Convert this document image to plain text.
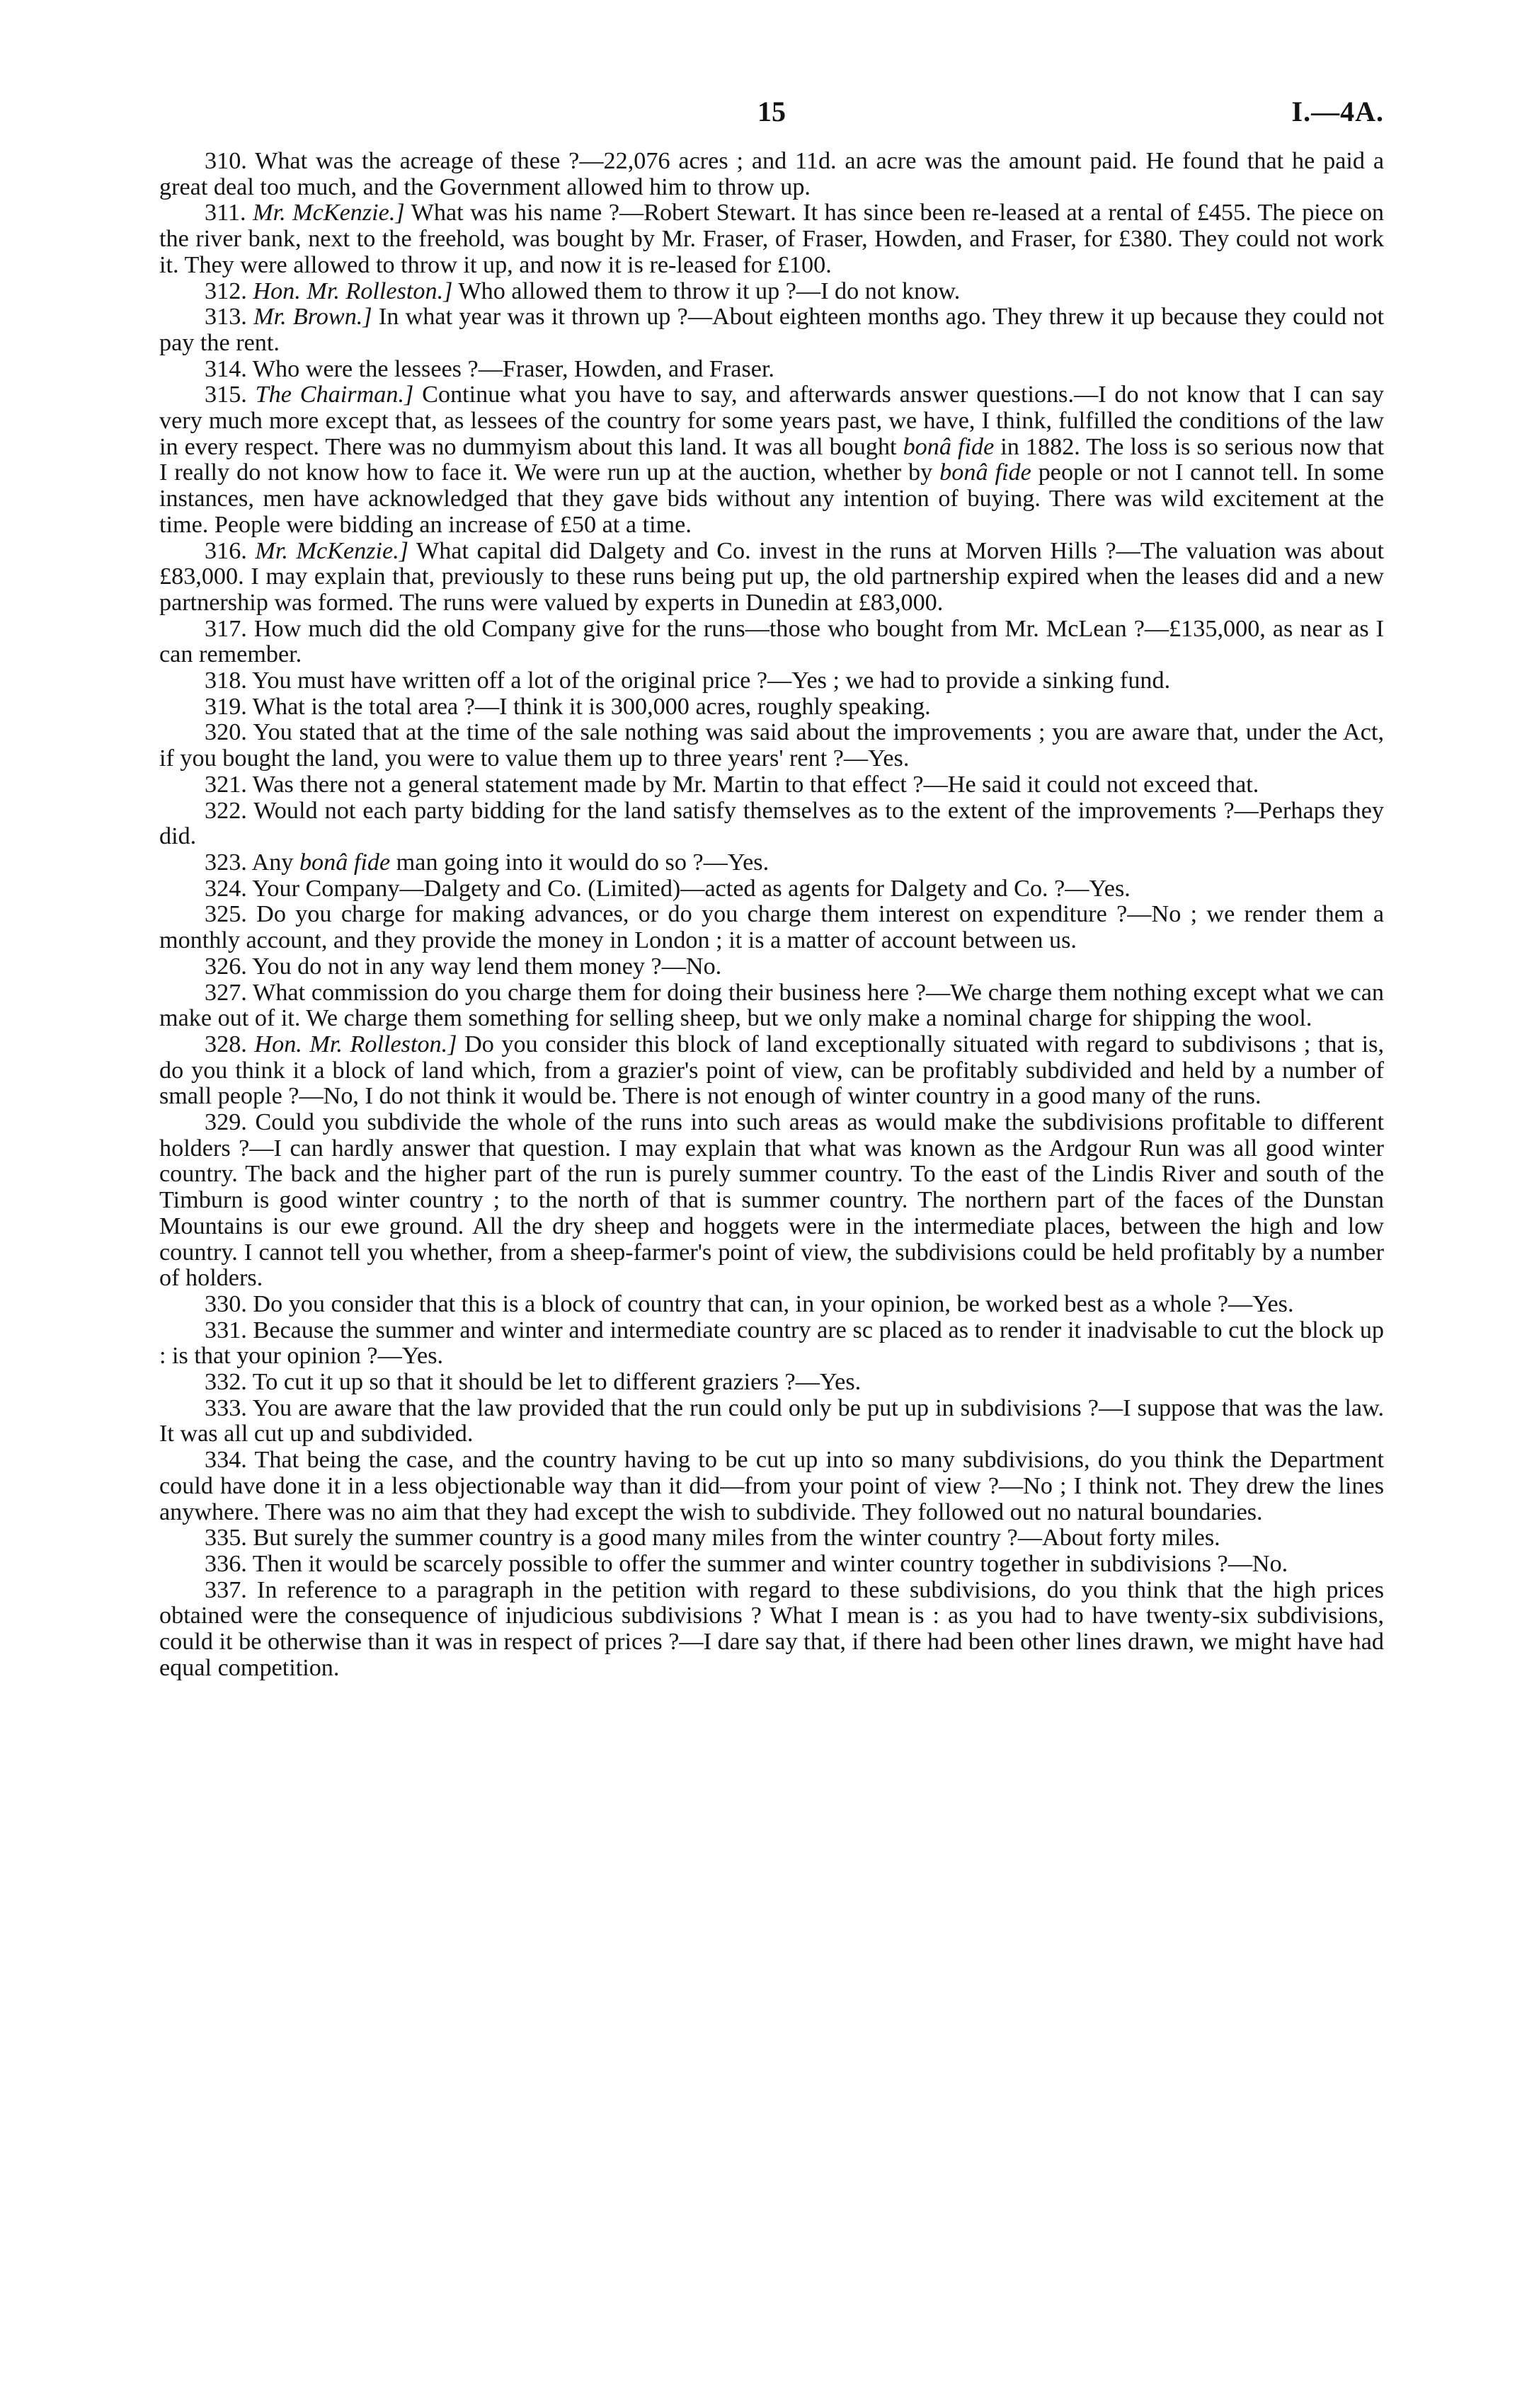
15	I.—4A.

310. What was the acreage of these ?—22,076 acres ; and 11d. an acre was the amount paid. He found that he paid a great deal too much, and the Government allowed him to throw up.

311. Mr. McKenzie.] What was his name ?—Robert Stewart. It has since been re-leased at a rental of £455. The piece on the river bank, next to the freehold, was bought by Mr. Fraser, of Fraser, Howden, and Fraser, for £380. They could not work it. They were allowed to throw it up, and now it is re-leased for £100.

312. Hon. Mr. Rolleston.] Who allowed them to throw it up ?—I do not know.

313. Mr. Brown.] In what year was it thrown up ?—About eighteen months ago. They threw it up because they could not pay the rent.

314. Who were the lessees ?—Fraser, Howden, and Fraser.

315. The Chairman.] Continue what you have to say, and afterwards answer questions.—I do not know that I can say very much more except that, as lessees of the country for some years past, we have, I think, fulfilled the conditions of the law in every respect. There was no dummyism about this land. It was all bought bonâ fide in 1882. The loss is so serious now that I really do not know how to face it. We were run up at the auction, whether by bonâ fide people or not I cannot tell. In some instances, men have acknowledged that they gave bids without any intention of buying. There was wild excitement at the time. People were bidding an increase of £50 at a time.

316. Mr. McKenzie.] What capital did Dalgety and Co. invest in the runs at Morven Hills ?—The valuation was about £83,000. I may explain that, previously to these runs being put up, the old partnership expired when the leases did and a new partnership was formed. The runs were valued by experts in Dunedin at £83,000.

317. How much did the old Company give for the runs—those who bought from Mr. McLean ?—£135,000, as near as I can remember.

318. You must have written off a lot of the original price ?—Yes ; we had to provide a sinking fund.

319. What is the total area ?—I think it is 300,000 acres, roughly speaking.

320. You stated that at the time of the sale nothing was said about the improvements ; you are aware that, under the Act, if you bought the land, you were to value them up to three years' rent ?—Yes.

321. Was there not a general statement made by Mr. Martin to that effect ?—He said it could not exceed that.

322. Would not each party bidding for the land satisfy themselves as to the extent of the improvements ?—Perhaps they did.

323. Any bonâ fide man going into it would do so ?—Yes.

324. Your Company—Dalgety and Co. (Limited)—acted as agents for Dalgety and Co. ?—Yes.

325. Do you charge for making advances, or do you charge them interest on expenditure ?—No ; we render them a monthly account, and they provide the money in London ; it is a matter of account between us.

326. You do not in any way lend them money ?—No.

327. What commission do you charge them for doing their business here ?—We charge them nothing except what we can make out of it. We charge them something for selling sheep, but we only make a nominal charge for shipping the wool.

328. Hon. Mr. Rolleston.] Do you consider this block of land exceptionally situated with regard to subdivisons ; that is, do you think it a block of land which, from a grazier's point of view, can be profitably subdivided and held by a number of small people ?—No, I do not think it would be. There is not enough of winter country in a good many of the runs.

329. Could you subdivide the whole of the runs into such areas as would make the subdivisions profitable to different holders ?—I can hardly answer that question. I may explain that what was known as the Ardgour Run was all good winter country. The back and the higher part of the run is purely summer country. To the east of the Lindis River and south of the Timburn is good winter country ; to the north of that is summer country. The northern part of the faces of the Dunstan Mountains is our ewe ground. All the dry sheep and hoggets were in the intermediate places, between the high and low country. I cannot tell you whether, from a sheep-farmer's point of view, the subdivisions could be held profitably by a number of holders.

330. Do you consider that this is a block of country that can, in your opinion, be worked best as a whole ?—Yes.

331. Because the summer and winter and intermediate country are sc placed as to render it inadvisable to cut the block up : is that your opinion ?—Yes.

332. To cut it up so that it should be let to different graziers ?—Yes.

333. You are aware that the law provided that the run could only be put up in subdivisions ?—I suppose that was the law. It was all cut up and subdivided.

334. That being the case, and the country having to be cut up into so many subdivisions, do you think the Department could have done it in a less objectionable way than it did—from your point of view ?—No ; I think not. They drew the lines anywhere. There was no aim that they had except the wish to subdivide. They followed out no natural boundaries.

335. But surely the summer country is a good many miles from the winter country ?—About forty miles.

336. Then it would be scarcely possible to offer the summer and winter country together in subdivisions ?—No.

337. In reference to a paragraph in the petition with regard to these subdivisions, do you think that the high prices obtained were the consequence of injudicious subdivisions ? What I mean is : as you had to have twenty-six subdivisions, could it be otherwise than it was in respect of prices ?—I dare say that, if there had been other lines drawn, we might have had equal competition.
